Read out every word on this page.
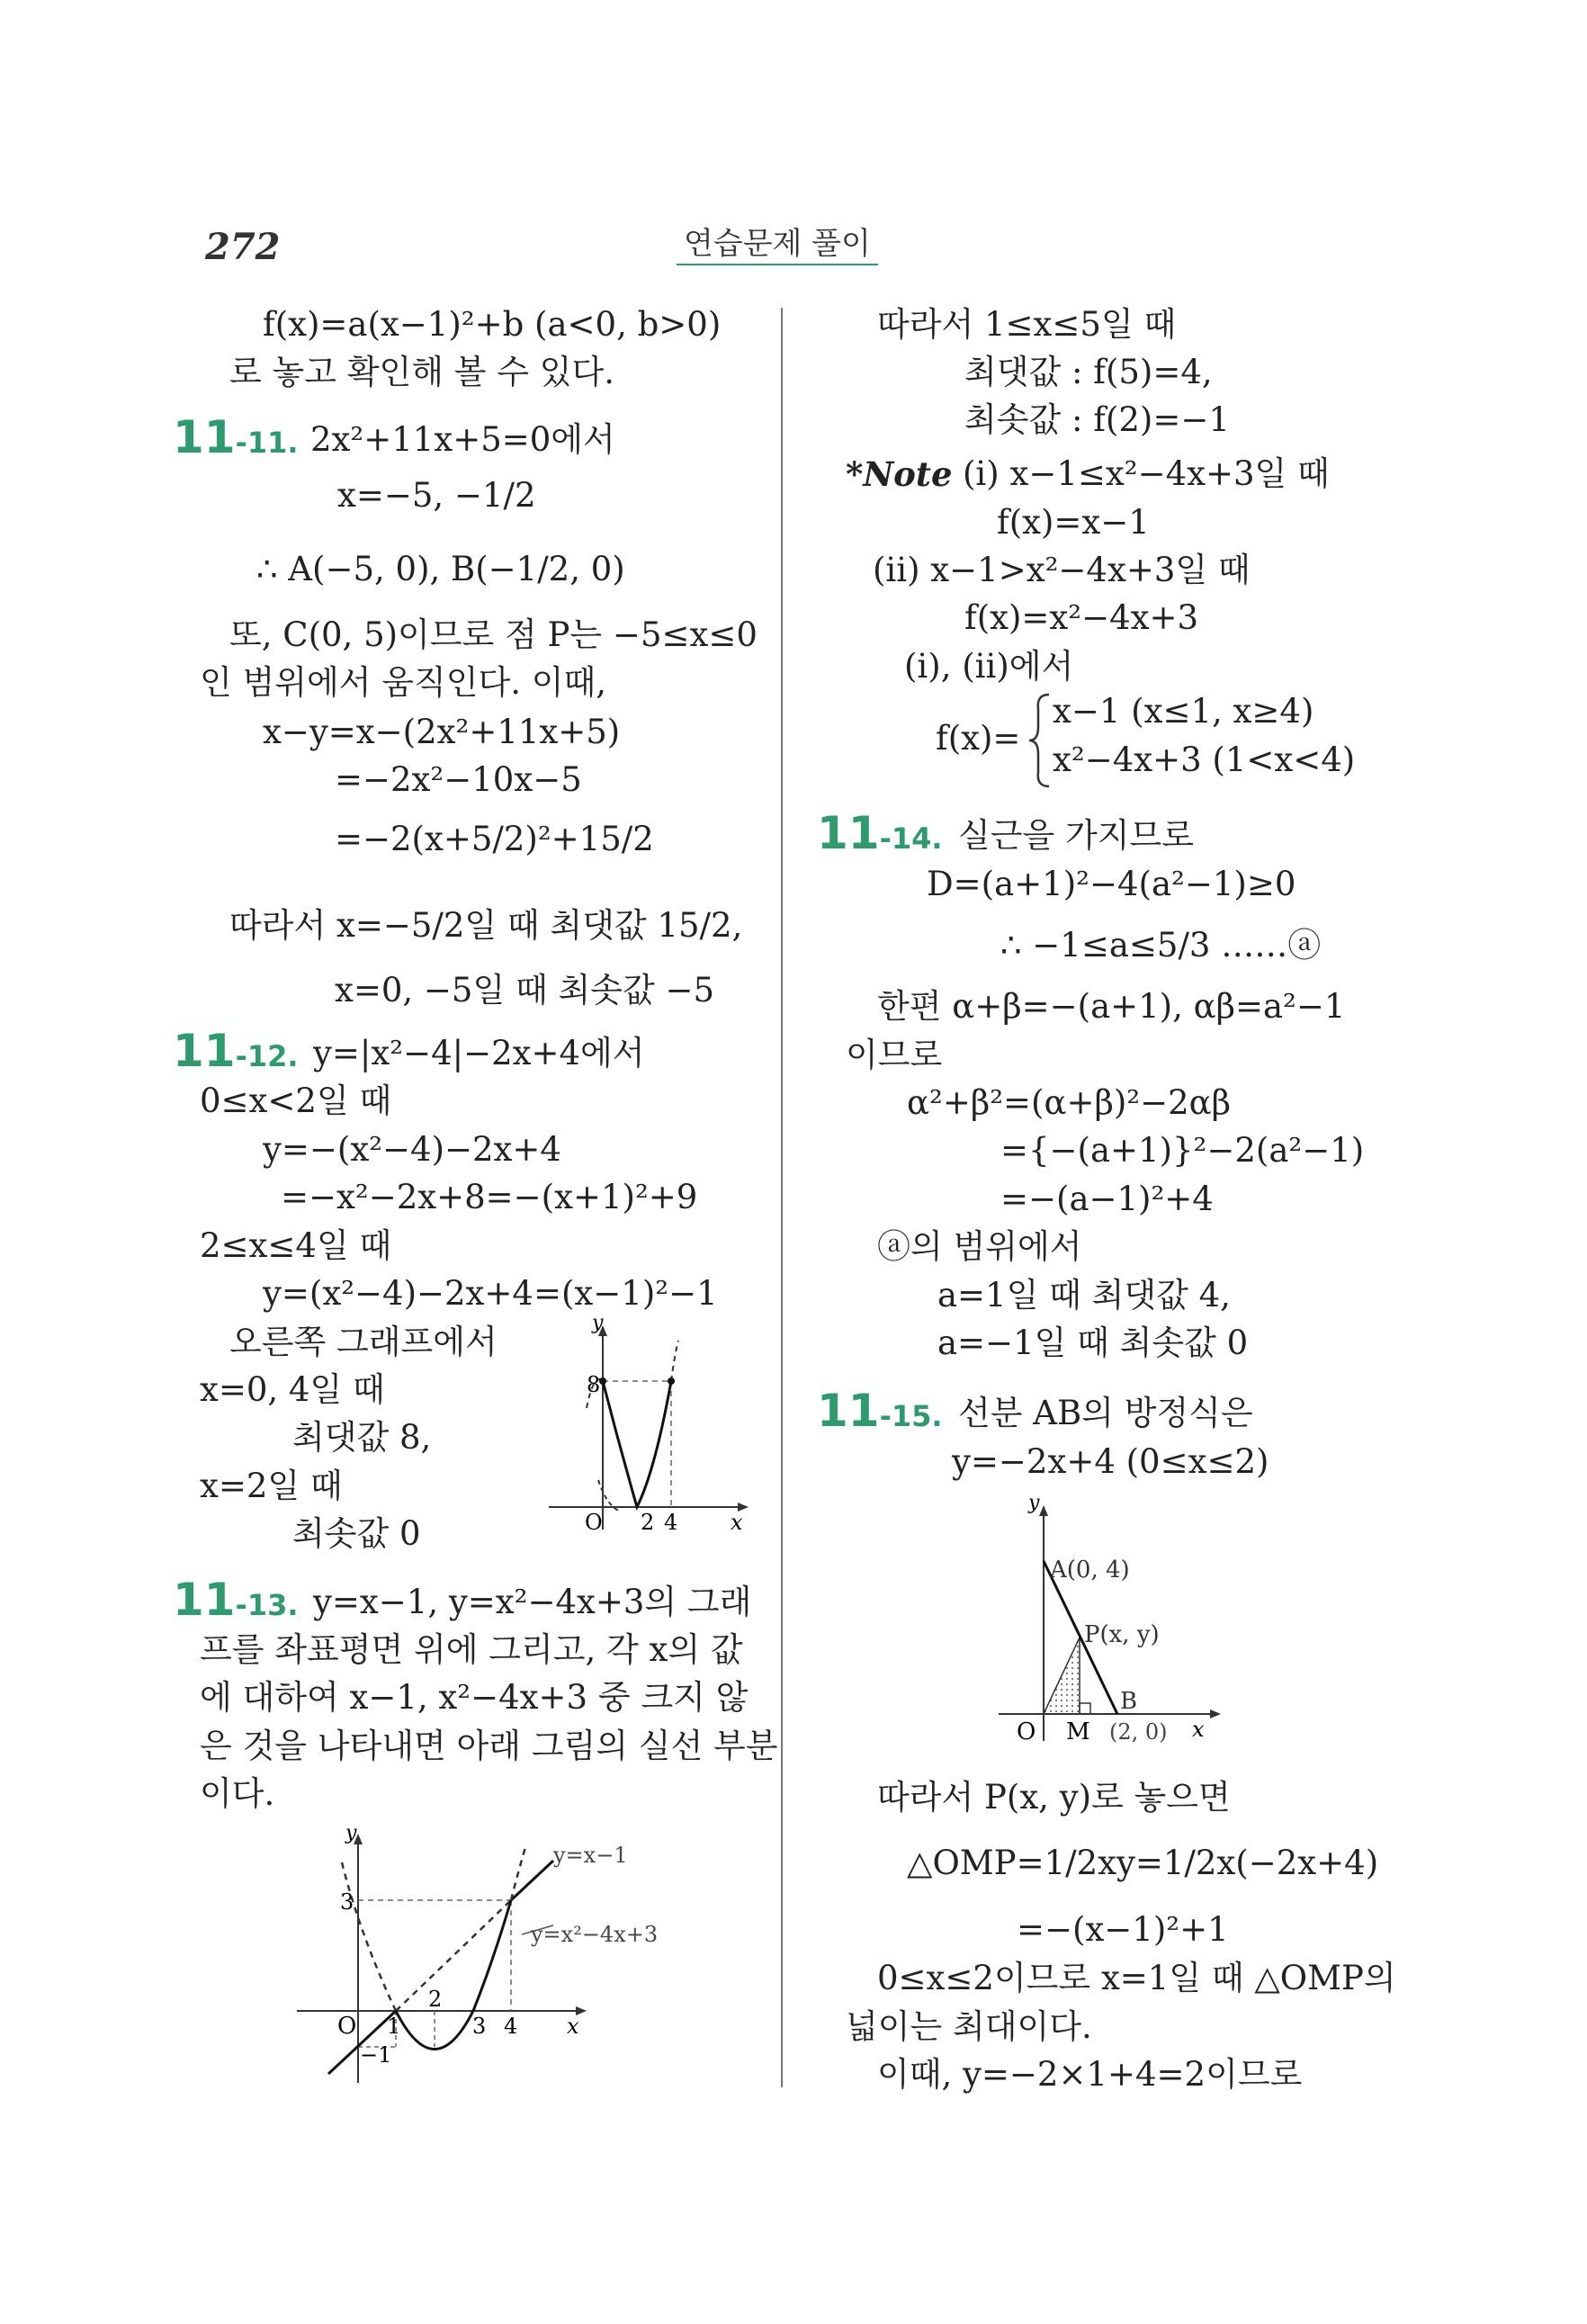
272	연습문제 풀이
f(x)=a(x−1)²+b (a<0, b>0)
로 놓고 확인해 볼 수 있다.
11-11. 2x²+11x+5=0에서
x=−5, −1/2
∴ A(−5, 0), B(−1/2, 0)
또, C(0, 5)이므로 점 P는 −5≤x≤0
인 범위에서 움직인다. 이때,
x−y=x−(2x²+11x+5)
=−2x²−10x−5
=−2(x+5/2)²+15/2
따라서 x=−5/2일 때 최댓값 15/2,
x=0, −5일 때 최솟값 −5
11-12. y=|x²−4|−2x+4에서
0≤x<2일 때
y=−(x²−4)−2x+4
=−x²−2x+8=−(x+1)²+9
2≤x≤4일 때
y=(x²−4)−2x+4=(x−1)²−1
오른쪽 그래프에서
x=0, 4일 때
최댓값 8,
x=2일 때
최솟값 0
y
8
O 2 4 x
11-13. y=x−1, y=x²−4x+3의 그래
프를 좌표평면 위에 그리고, 각 x의 값
에 대하여 x−1, x²−4x+3 중 크지 않
은 것을 나타내면 아래 그림의 실선 부분
이다.
y
3
O
−1
1
2
3 4 x
y=x−1
y=x²−4x+3
따라서 1≤x≤5일 때
최댓값 : f(5)=4,
최솟값 : f(2)=−1
*Note (i) x−1≤x²−4x+3일 때
f(x)=x−1
(ii) x−1>x²−4x+3일 때
f(x)=x²−4x+3
(i), (ii)에서
f(x)=
x−1 (x≤1, x≥4)
x²−4x+3 (1<x<4)
11-14. 실근을 가지므로
D=(a+1)²−4(a²−1)≥0
∴ −1≤a≤5/3 ……ⓐ
한편 α+β=−(a+1), αβ=a²−1
이므로
α²+β²=(α+β)²−2αβ
={−(a+1)}²−2(a²−1)
=−(a−1)²+4
ⓐ의 범위에서
a=1일 때 최댓값 4,
a=−1일 때 최솟값 0
11-15. 선분 AB의 방정식은
y=−2x+4 (0≤x≤2)
y
A(0, 4)
P(x, y)
B
O M (2, 0) x
따라서 P(x, y)로 놓으면
△OMP=1/2xy=1/2x(−2x+4)
=−(x−1)²+1
0≤x≤2이므로 x=1일 때 △OMP의
넓이는 최대이다.
이때, y=−2×1+4=2이므로
